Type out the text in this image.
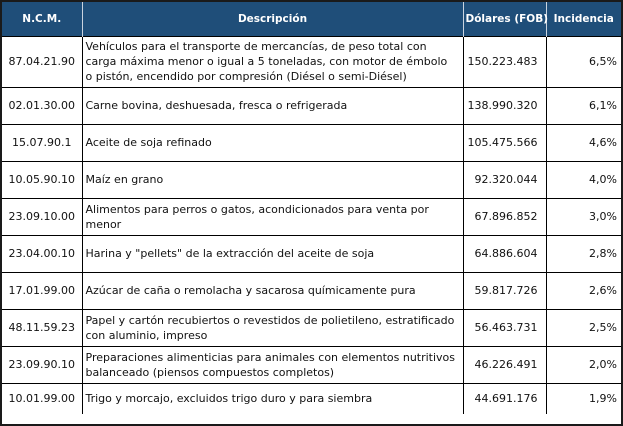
N.C.M.	Descripción	Dólares (FOB)	Incidencia
87.04.21.90	Vehículos para el transporte de mercancías, de peso total con carga máxima menor o igual a 5 toneladas, con motor de émbolo o pistón, encendido por compresión (Diésel o semi-Diésel)	150.223.483	6,5%
02.01.30.00	Carne bovina, deshuesada, fresca o refrigerada	138.990.320	6,1%
15.07.90.1	Aceite de soja refinado	105.475.566	4,6%
10.05.90.10	Maíz en grano	92.320.044	4,0%
23.09.10.00	Alimentos para perros o gatos, acondicionados para venta por menor	67.896.852	3,0%
23.04.00.10	Harina y "pellets" de la extracción del aceite de soja	64.886.604	2,8%
17.01.99.00	Azúcar de caña o remolacha y sacarosa químicamente pura	59.817.726	2,6%
48.11.59.23	Papel y cartón recubiertos o revestidos de polietileno, estratificado con aluminio, impreso	56.463.731	2,5%
23.09.90.10	Preparaciones alimenticias para animales con elementos nutritivos balanceado (piensos compuestos completos)	46.226.491	2,0%
10.01.99.00	Trigo y morcajo, excluidos trigo duro y para siembra	44.691.176	1,9%
